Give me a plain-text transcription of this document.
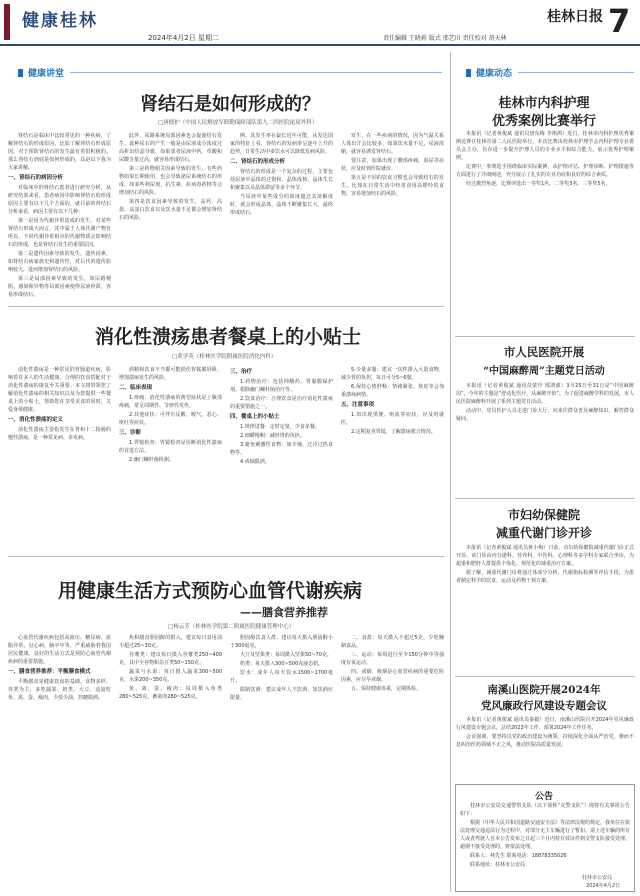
健康桂林
2024年4月2日 星期二	责任编辑 王晓莉 版式 邢艺田 责任校对 胡天林
桂林日报 7
健康讲堂
肾结石是如何形成的？
□唐德护（中国人民解放军联勤保障部队第九二四医院泌尿外科）

肾结石是临床中比较常见的一种疾病，了解肾结石的形成原因，比如了解肾结石形成原因，对于预防肾结石的发生最有着很积极的。那么肾结石到底是如何形成的，具是以下我为大家讲解。

一、肾结石的病因分析

对临床中的肾结石患者进行研究分析，从研究结果来看，患者病因中影响肾结石的形成原因主要有以下几个方面的，就目前的肾结石分析来看，病因主要有以下几种：

第一是因为代谢异常造成的发生，对某些肾结石形成大而言，其中属于人体代谢产物有所以，不同代谢异常相应的代谢物质会影响结石的形成，也是肾结石发生的重要原因。

第二是遗传因素导致的发生，遗传因素，如肾结石病家族史和遗传性，对后代的遗传影响较大，进而增加肾结石的风险。

第三是局部因素导致的发生，如尿路梗阻、感染和异物等局部因素使得尿液停滞，容易形成结石。

此外，尿路系统局部因素也会促使结石发生。此种尿石的产生一般是由尿液成分浓度过高析出结晶导致，如果患者尿液中钙、草酸和尿酸含量过高，就容易形成结石。

第三是药物相关因素导致的发生，有些药物如果长期使用，也会导致泌尿系统结石的形成，如某些利尿剂、抗生素、抗病毒药物等会增加结石的风险。

第四是饮食因素导致的发生，高钙、高盐、高蛋白饮食以及饮水量不足都会增加肾结石的风险。

例、其发生率在最长近年可能，从发达国家的特征上看，肾结石的发病率呈逐年上升的趋势，日常生活中多饮水可以降低发病风险。

二、肾结石的形成分析

肾结石的形成是一个复杂的过程，主要包括尿液中晶体的过饱和、晶体成核、晶体生长和聚集以及晶体滞留等多个环节。

当尿液中某些成分的浓度超过其溶解度时，就会形成晶体，晶体不断聚集长大，最终形成结石。

发生，在一些疾病的情况，因为气温关系人体出汗会比较多，如果饮水量不足，尿液浓缩，就容易诱发肾结石。

要注意，如果出现了腰部疼痛、血尿等症状，应及时到医院就诊。

第五是不同的饮食习惯也会导致结石的发生。比如在日常生活中经常食用高嘌呤的食物，容易增加结石的风险。

消化性溃疡患者餐桌上的小贴士
□黄学英（桂林医学院附属医院消化内科）

消化性溃疡是一种常见的胃肠道疾病，影响着许多人的生活健康。合理的饮食搭配对于消化性溃疡的康复至关重要。本文将带领您了解消化性溃疡的相关知识以及为您提供一些餐桌上的小贴士，帮助您在享受美食的同时，关爱身体健康。

一、消化性溃疡的定义

消化性溃疡主要指发生在胃和十二指肠的慢性溃疡，是一种常见病、多发病。

酒精和饮食不当都可能损伤胃黏膜屏障，增加溃疡发生的风险。

二、临床表现

1.疼痛：消化性溃疡的典型症状是上腹部疼痛，常呈周期性、节律性发作。

2.其他症状：可伴有反酸、嗳气、恶心、呕吐等症状。

三、诊断

1.胃镜检查：胃镜检查是诊断消化性溃疡的首选方法。

2.幽门螺杆菌检测。

三、治疗

1.药物治疗：包括抑酸药、胃黏膜保护剂、根除幽门螺杆菌治疗等。

2.饮食治疗：合理饮食是治疗消化性溃疡的重要措施之一。

四、餐桌上的小贴士

1.规律进餐：定时定量，少食多餐。

2.细嚼慢咽：减轻胃的负担。

3.避免刺激性食物：如辛辣、过冷过热食物等。

4.戒烟限酒。

5.少量多餐：建议一次性摄入大量食物，减少胃的负担，每日可分5~6餐。

6.保持心情舒畅：情绪紧张、焦虑等会加重溃疡病情。

五、注意事项

1.如出现黑便、呕血等症状，应及时就医。

2.定期复查胃镜，了解溃疡愈合情况。

用健康生活方式预防心血管代谢疾病
——膳食营养推荐
□杨云芳（桂林医学院第二附属医院健康管理中心）

心血管代谢疾病包括高血压、糖尿病、血脂异常、冠心病、脑卒中等，严重威胁着我国居民健康。良好的生活方式是预防心血管代谢疾病的重要措施。

一、膳食营养推荐：平衡膳食模式

平衡膳食是健康饮食的基础，食物多样，谷类为主，多吃蔬果、奶类、大豆，适量吃鱼、禽、蛋、瘦肉，少盐少油，控糖限酒。

焦和膳食胆固醇的摄入，建议每日食用油不超过25~30克。

谷薯类：建议每日摄入谷薯类250~400克，其中全谷物和杂豆类50~150克。

蔬菜与水果：每日摄入蔬菜300~500克，水果200~350克。

鱼、禽、蛋、瘦肉：每周摄入鱼类280~525克，畜禽肉280~525克。

胆固醇饮食人群，建议每天摄入胆固醇小于300毫克。

大豆及坚果类：每周摄入坚果50~70克。

奶类：每天摄入300~500克液态奶。

饮水：成年人每天饮水1500~1700毫升。

限制饮酒：建议成年人不饮酒，如饮酒应限量。

二、食盐：每天摄入不超过5克，少吃腌制食品。

三、运动：每周进行至少150分钟中等强度有氧运动。

四、戒烟：吸烟是心血管疾病的重要危险因素，应尽早戒烟。

五、保持健康体重，定期体检。

健康动态
桂林市内科护理
优秀案例比赛举行

本报讯（记者黄俊斌 通讯员唐东梅 李翔鸿）近日，桂林市内科护理优秀案例比赛在桂林市第二人民医院举行。本次比赛由桂林市护理学会内科护理专业委员会主办，旨在进一步提升护理人员的专业水平和综合能力，展示优秀护理案例。

比赛中，参赛选手围绕临床实际案例，从护理评估、护理诊断、护理措施等方面进行了详细阐述，充分展示了扎实的专业功底和良好的综合素质。

经过激烈角逐，比赛评选出一等奖1名、二等奖3名、三等奖5名。

市人民医院开展
“中国麻醉周”主题党日活动

本报讯（记者黄俊斌 通讯员蒙玲 邢鸿波）3月25日至31日是“中国麻醉周”，今年的主题是“舒适化医疗，从麻醉开始”。为了促进麻醉学科的发展，市人民医院麻醉科开展了系列主题党日活动。

活动中，党员医护人员走进门诊大厅，向来往群众普及麻醉知识，解答群众疑问。

市妇幼保健院
减重代谢门诊开诊

本报讯（记者黄俊斌 通讯员蒋小梅）日前，市妇幼保健院减重代谢门诊正式开诊。该门诊由内分泌科、营养科、中医科、心理科等多学科专家联合坐诊，为超重和肥胖人群提供个体化、规范化的减重治疗方案。

据了解，减重代谢门诊将通过体成分分析、代谢指标检测等评估手段，为患者制定科学的饮食、运动及药物干预方案。

南溪山医院开展2024年
党风廉政行风建设专题会议

本报讯（记者黄俊斌 通讯员秦毅）近日，南溪山医院召开2024年党风廉政行风建设专题会议，总结2023年工作，部署2024年工作任务。

会议强调，要坚持以党的政治建设为统领，持续深化全面从严治党，驰而不息纠治医药领域不正之风，推动医院高质量发展。

公告

桂林市公安局交通警察支队（以下简称“交警支队”）现将有关事项公告如下：

根据《中华人民共和国道路交通安全法》等法律法规的规定，我单位在依法处理交通违法行为过程中，对部分无主车辆进行了暂扣。请上述车辆的所有人或者驾驶人自本公告发布之日起三个月内持有效证件到交警支队接受处理。逾期不接受处理的，将依法处理。

联系人：林先生 联系电话：18878335026

联系地址：桂林市公安局

桂林市公安局
2024年4月2日
